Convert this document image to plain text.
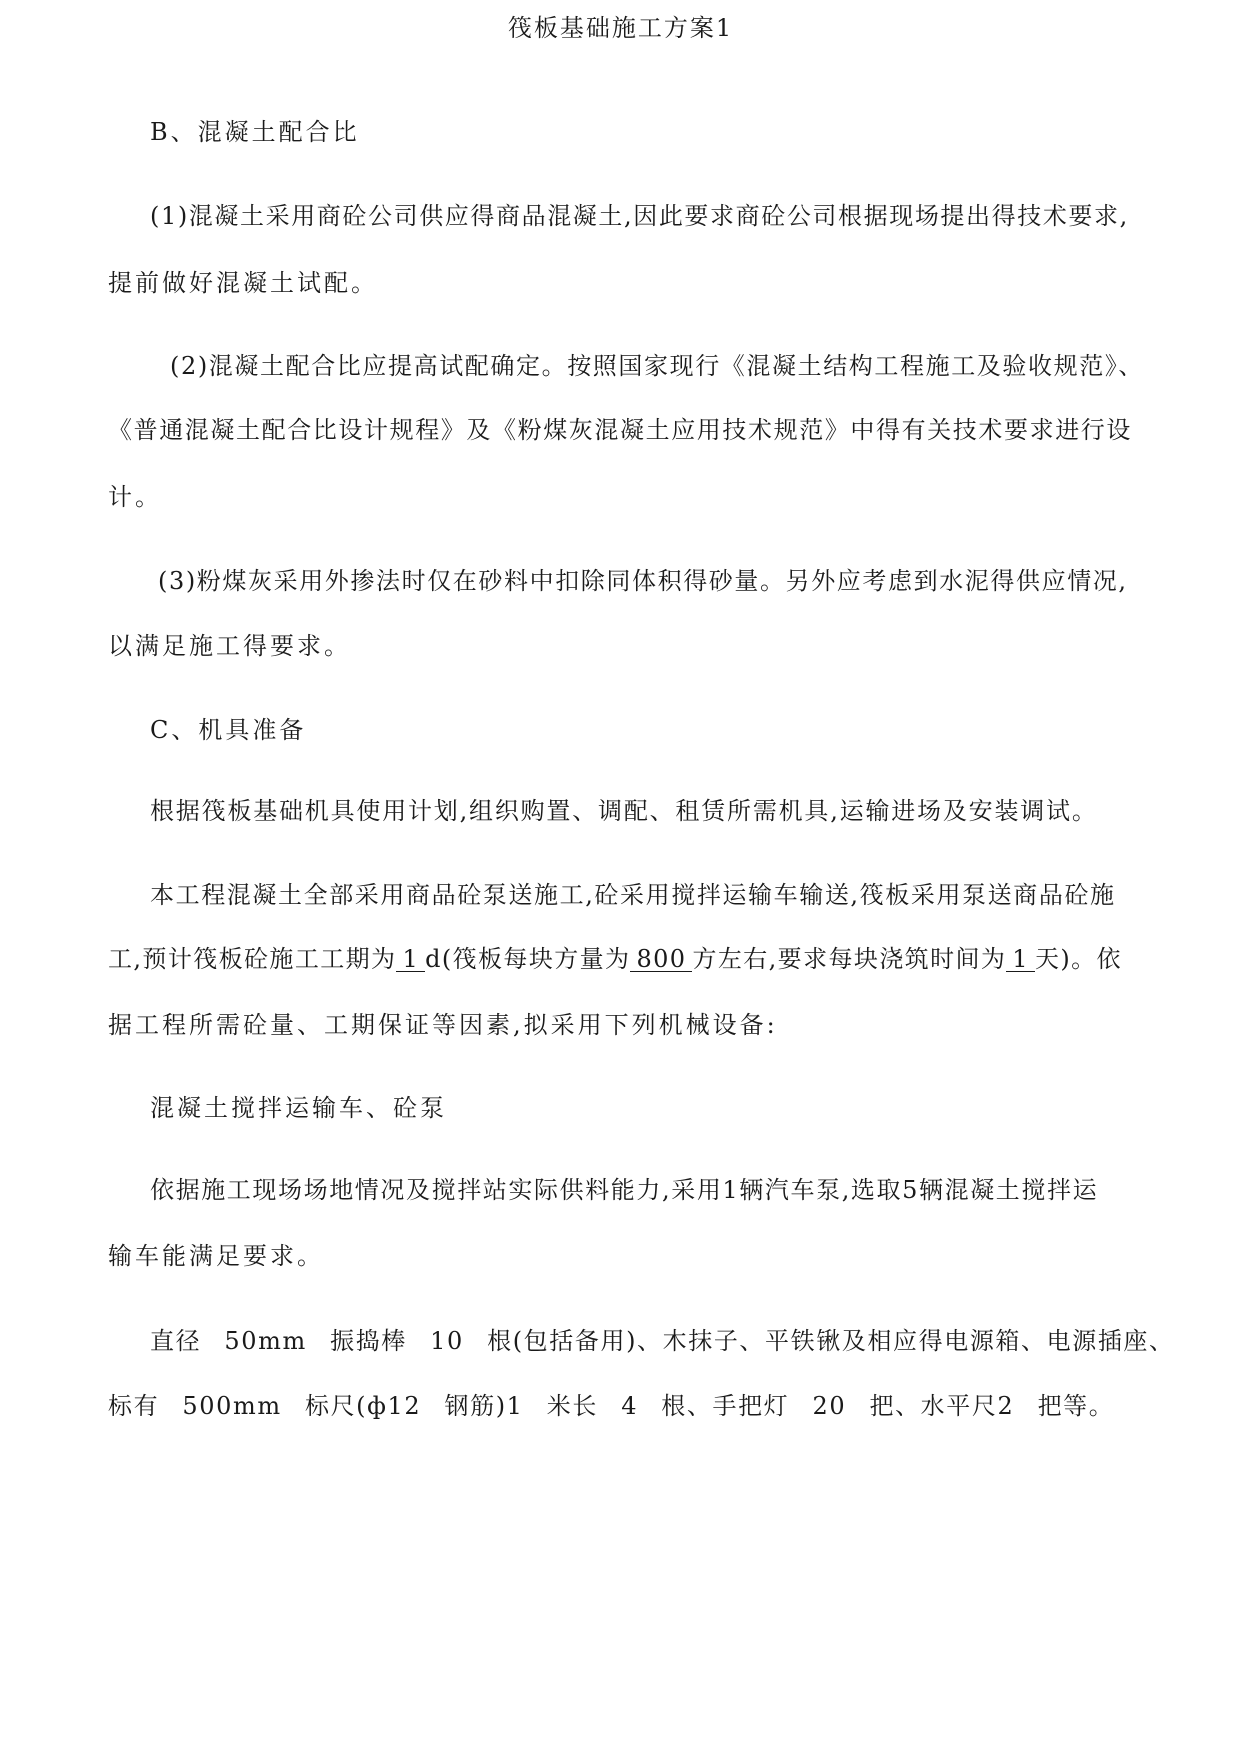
筏板基础施工方案1
B、混凝土配合比
(1)混凝土采用商砼公司供应得商品混凝土,因此要求商砼公司根据现场提出得技术要求,
提前做好混凝土试配。
(2)混凝土配合比应提高试配确定。按照国家现行《混凝土结构工程施工及验收规范》、
《普通混凝土配合比设计规程》及《粉煤灰混凝土应用技术规范》中得有关技术要求进行设
计。
(3)粉煤灰采用外掺法时仅在砂料中扣除同体积得砂量。另外应考虑到水泥得供应情况,
以满足施工得要求。
C、机具准备
根据筏板基础机具使用计划,组织购置、调配、租赁所需机具,运输进场及安装调试。
本工程混凝土全部采用商品砼泵送施工,砼采用搅拌运输车输送,筏板采用泵送商品砼施
工,预计筏板砼施工工期为 1 d(筏板每块方量为 800 方左右,要求每块浇筑时间为 1 天)。依
据工程所需砼量、工期保证等因素,拟采用下列机械设备:
混凝土搅拌运输车、砼泵
依据施工现场场地情况及搅拌站实际供料能力,采用1辆汽车泵,选取5辆混凝土搅拌运
输车能满足要求。
直径 50mm 振捣棒 10 根(包括备用)、木抹子、平铁锹及相应得电源箱、电源插座、
标有 500mm 标尺(ф12 钢筋)1 米长 4 根、手把灯 20 把、水平尺2 把等。
